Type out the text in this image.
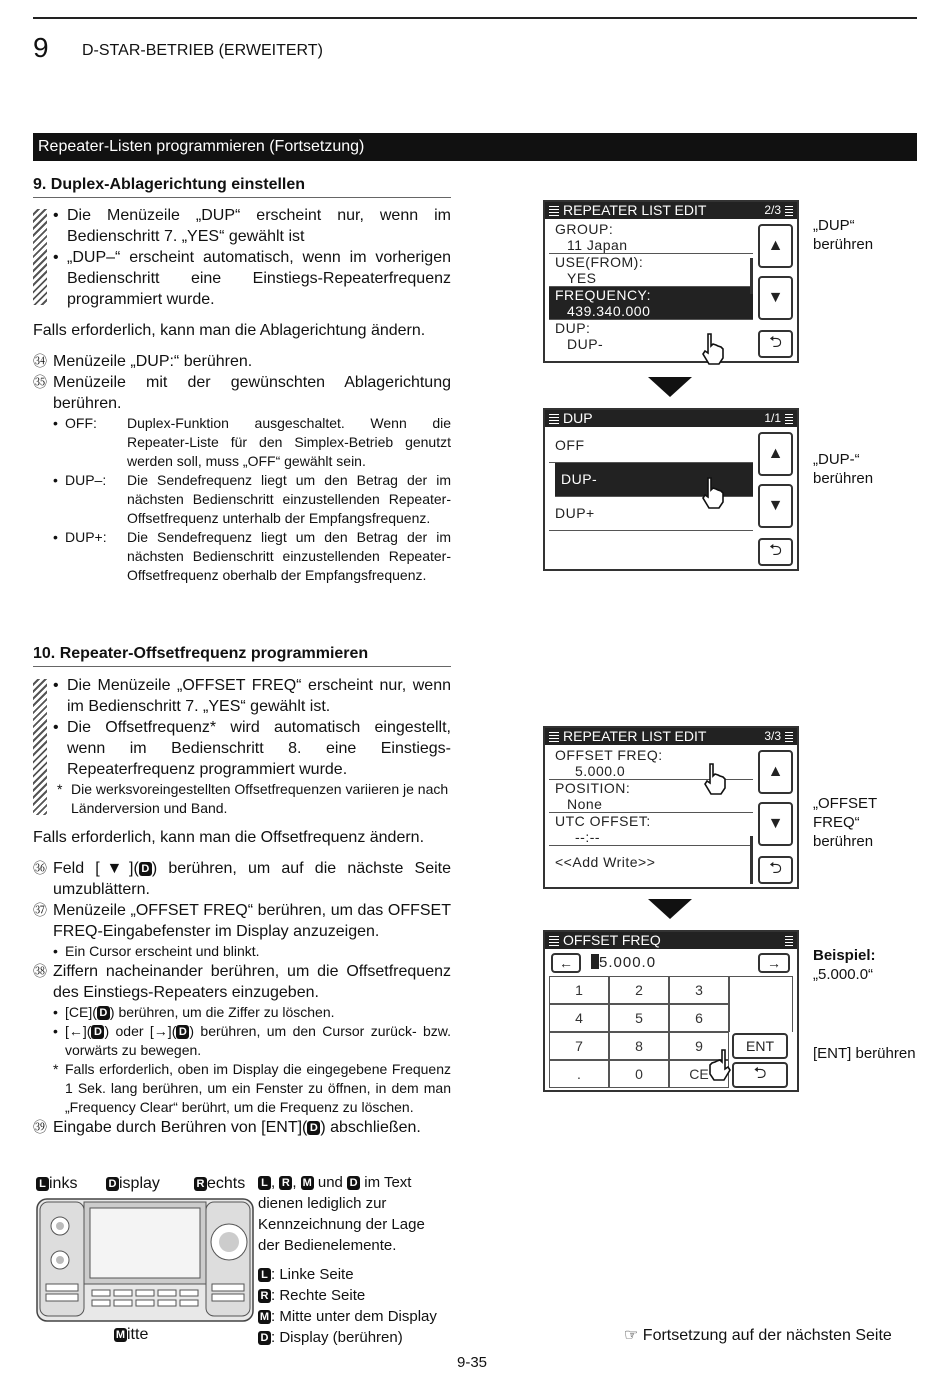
9 D-STAR-BETRIEB (ERWEITERT)
Repeater-Listen programmieren (Fortsetzung)
9. Duplex-Ablagerichtung einstellen
• Die Menüzeile „DUP“ erscheint nur, wenn im Bedienschritt 7. „YES“ gewählt ist
• „DUP–“ erscheint automatisch, wenn im vorherigen Bedienschritt eine Einstiegs-Repeaterfrequenz programmiert wurde.
Falls erforderlich, kann man die Ablagerichtung ändern.
㉞ Menüzeile „DUP:“ berühren.
㉟ Menüzeile mit der gewünschten Ablagerichtung berühren.
• OFF:	Duplex-Funktion ausgeschaltet. Wenn die Repeater-Liste für den Simplex-Betrieb genutzt werden soll, muss „OFF“ gewählt sein.
• DUP–:	Die Sendefrequenz liegt um den Betrag der im nächsten Bedienschritt einzustellenden Repeater-Offsetfrequenz unterhalb der Empfangsfrequenz.
• DUP+:	Die Sendefrequenz liegt um den Betrag der im nächsten Bedienschritt einzustellenden Repeater-Offsetfrequenz oberhalb der Empfangsfrequenz.
10. Repeater-Offsetfrequenz programmieren
• Die Menüzeile „OFFSET FREQ“ erscheint nur, wenn im Bedienschritt 7. „YES“ gewählt ist.
• Die Offsetfrequenz* wird automatisch eingestellt, wenn im Bedienschritt 8. eine Einstiegs-Repeaterfrequenz programmiert wurde.
* Die werksvoreingestellten Offsetfrequenzen variieren je nach Länderversion und Band.
Falls erforderlich, kann man die Offsetfrequenz ändern.
㊱ Feld [▼]( D ) berühren, um auf die nächste Seite umzublättern.
㊲ Menüzeile „OFFSET FREQ“ berühren, um das OFFSET FREQ-Eingabefenster im Display anzuzeigen.
• Ein Cursor erscheint und blinkt.
㊳ Ziffern nacheinander berühren, um die Offsetfrequenz des Einstiegs-Repeaters einzugeben.
• [CE]( D ) berühren, um die Ziffer zu löschen.
• [←]( D ) oder [→]( D ) berühren, um den Cursor zurück- bzw. vorwärts zu bewegen.
* Falls erforderlich, oben im Display die eingegebene Frequenz 1 Sek. lang berühren, um ein Fenster zu öffnen, in dem man „Frequency Clear“ berührt, um die Frequenz zu löschen.
㊴ Eingabe durch Berühren von [ENT]( D ) abschließen.
L inks	D isplay	R echts
M itte
L , R , M und D im Text dienen lediglich zur Kennzeichnung der Lage der Bedienelemente.
L : Linke Seite
R : Rechte Seite
M : Mitte unter dem Display
D : Display (berühren)
REPEATER LIST EDIT	2/3
GROUP:
11 Japan
USE(FROM):
YES
FREQUENCY:
439.340.000
DUP:
DUP-
▲
▼
⮌
„DUP“ berühren
DUP	1/1
OFF
DUP-
DUP+
▲
▼
⮌
„DUP-“ berühren
REPEATER LIST EDIT	3/3
OFFSET FREQ:
5.000.0
POSITION:
None
UTC OFFSET:
--:--
<<Add Write>>
▲
▼
⮌
„OFFSET FREQ“ berühren
OFFSET FREQ
←	5.000.0	→
1	2	3
4	5	6
7	8	9
.	0	CE
ENT
⮌
Beispiel:
„5.000.0“
[ENT] berühren
☞ Fortsetzung auf der nächsten Seite
9-35
